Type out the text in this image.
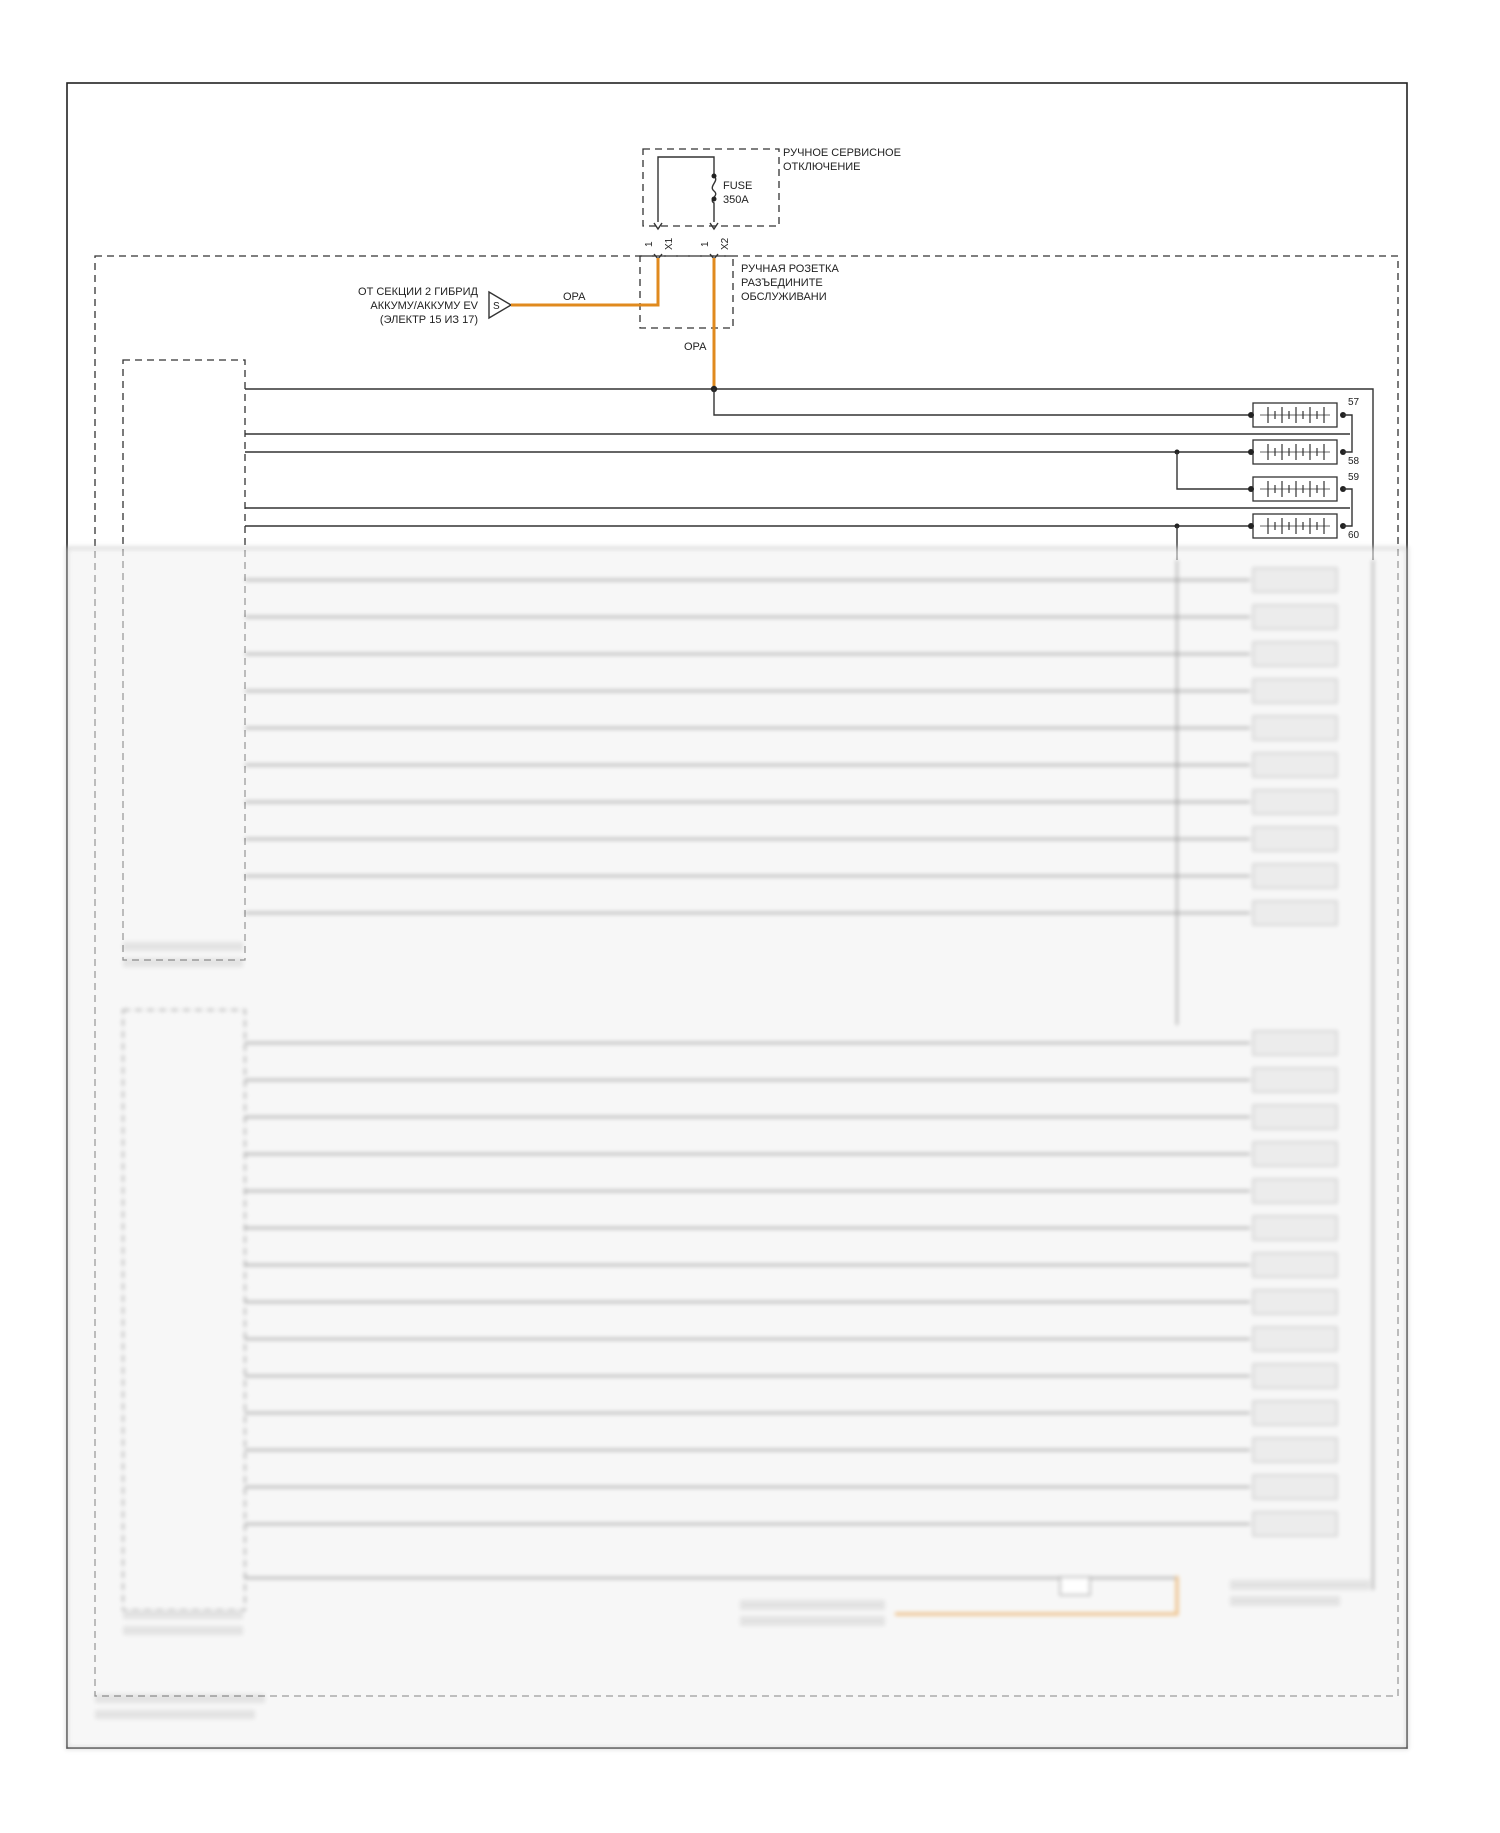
РУЧНОЕ СЕРВИСНОЕ
ОТКЛЮЧЕНИЕ
FUSE
350A
1 X1	1 X2
РУЧНАЯ РОЗЕТКА
РАЗЪЕДИНИТЕ
ОБСЛУЖИВАНИ
ОТ СЕКЦИИ 2 ГИБРИД
АККУМУ/АККУМУ EV
(ЭЛЕКТР 15 ИЗ 17)
S
OPA
OPA
57
58
59
60
